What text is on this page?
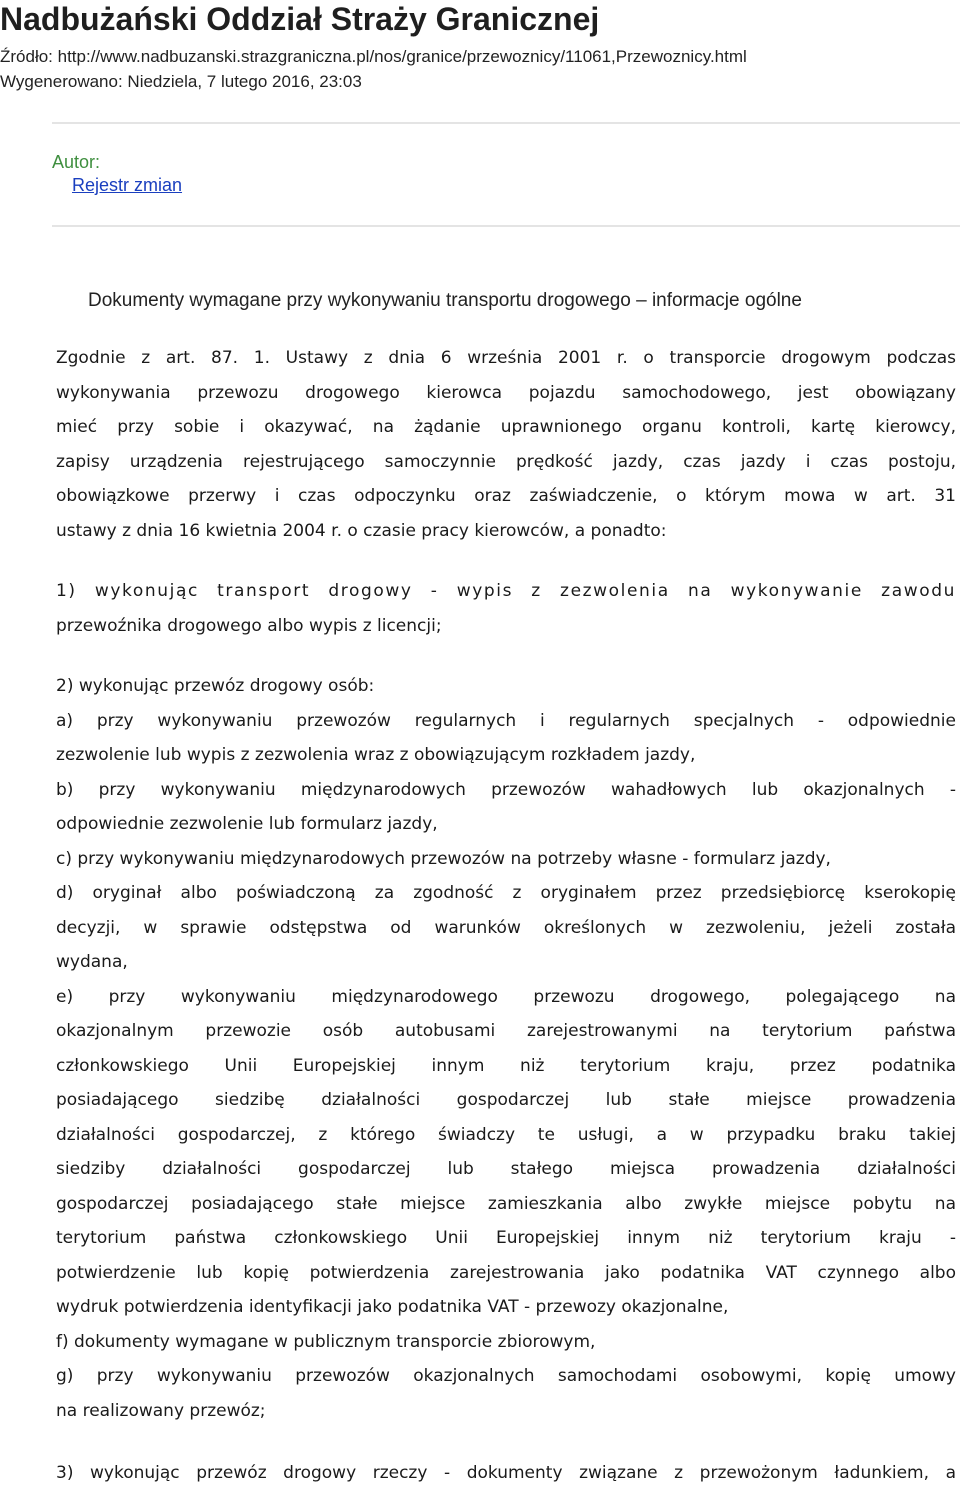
Nadbużański Oddział Straży Granicznej
Źródło: http://www.nadbuzanski.strazgraniczna.pl/nos/granice/przewoznicy/11061,Przewoznicy.html
Wygenerowano: Niedziela, 7 lutego 2016, 23:03
Autor:
Rejestr zmian
Dokumenty wymagane przy wykonywaniu transportu drogowego – informacje ogólne
Zgodnie z art. 87. 1. Ustawy z dnia 6 września 2001 r. o transporcie drogowym podczas
wykonywania przewozu drogowego kierowca pojazdu samochodowego, jest obowiązany
mieć przy sobie i okazywać, na żądanie uprawnionego organu kontroli, kartę kierowcy,
zapisy urządzenia rejestrującego samoczynnie prędkość jazdy, czas jazdy i czas postoju,
obowiązkowe przerwy i czas odpoczynku oraz zaświadczenie, o którym mowa w art. 31
ustawy z dnia 16 kwietnia 2004 r. o czasie pracy kierowców, a ponadto:
1) wykonując transport drogowy - wypis z zezwolenia na wykonywanie zawodu
przewoźnika drogowego albo wypis z licencji;
2) wykonując przewóz drogowy osób:
a) przy wykonywaniu przewozów regularnych i regularnych specjalnych - odpowiednie
zezwolenie lub wypis z zezwolenia wraz z obowiązującym rozkładem jazdy,
b) przy wykonywaniu międzynarodowych przewozów wahadłowych lub okazjonalnych -
odpowiednie zezwolenie lub formularz jazdy,
c) przy wykonywaniu międzynarodowych przewozów na potrzeby własne - formularz jazdy,
d) oryginał albo poświadczoną za zgodność z oryginałem przez przedsiębiorcę kserokopię
decyzji, w sprawie odstępstwa od warunków określonych w zezwoleniu, jeżeli została
wydana,
e) przy wykonywaniu międzynarodowego przewozu drogowego, polegającego na
okazjonalnym przewozie osób autobusami zarejestrowanymi na terytorium państwa
członkowskiego Unii Europejskiej innym niż terytorium kraju, przez podatnika
posiadającego siedzibę działalności gospodarczej lub stałe miejsce prowadzenia
działalności gospodarczej, z którego świadczy te usługi, a w przypadku braku takiej
siedziby działalności gospodarczej lub stałego miejsca prowadzenia działalności
gospodarczej posiadającego stałe miejsce zamieszkania albo zwykłe miejsce pobytu na
terytorium państwa członkowskiego Unii Europejskiej innym niż terytorium kraju -
potwierdzenie lub kopię potwierdzenia zarejestrowania jako podatnika VAT czynnego albo
wydruk potwierdzenia identyfikacji jako podatnika VAT - przewozy okazjonalne,
f) dokumenty wymagane w publicznym transporcie zbiorowym,
g) przy wykonywaniu przewozów okazjonalnych samochodami osobowymi, kopię umowy
na realizowany przewóz;
3) wykonując przewóz drogowy rzeczy - dokumenty związane z przewożonym ładunkiem, a
